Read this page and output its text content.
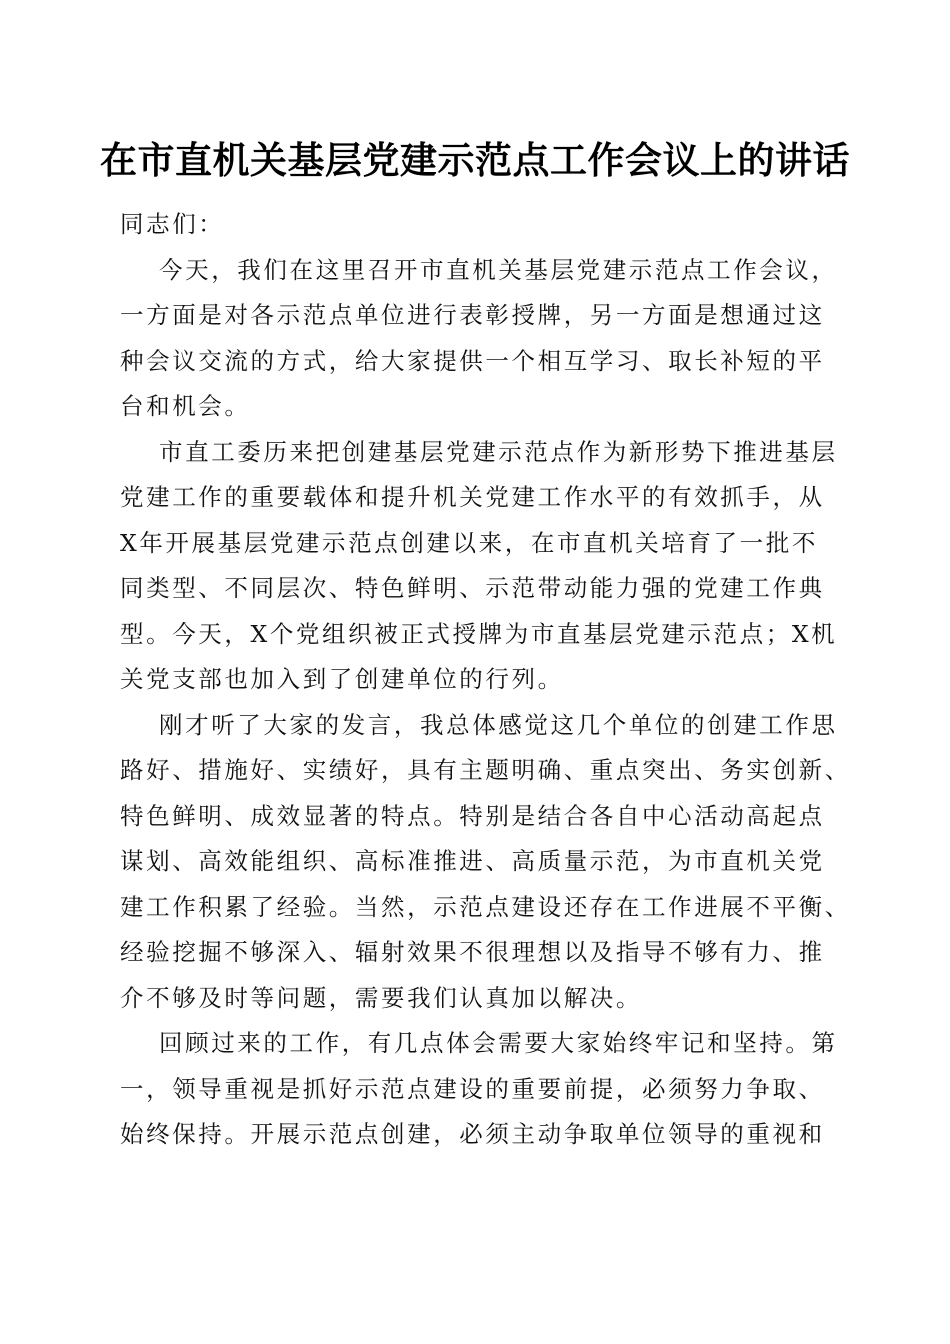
在市直机关基层党建示范点工作会议上的讲话
同志们：
今天，我们在这里召开市直机关基层党建示范点工作会议，
一方面是对各示范点单位进行表彰授牌，另一方面是想通过这
种会议交流的方式，给大家提供一个相互学习、取长补短的平
台和机会。
市直工委历来把创建基层党建示范点作为新形势下推进基层
党建工作的重要载体和提升机关党建工作水平的有效抓手，从
X年开展基层党建示范点创建以来，在市直机关培育了一批不
同类型、不同层次、特色鲜明、示范带动能力强的党建工作典
型。今天，X个党组织被正式授牌为市直基层党建示范点；X机
关党支部也加入到了创建单位的行列。
刚才听了大家的发言，我总体感觉这几个单位的创建工作思
路好、措施好、实绩好，具有主题明确、重点突出、务实创新、
特色鲜明、成效显著的特点。特别是结合各自中心活动高起点
谋划、高效能组织、高标准推进、高质量示范，为市直机关党
建工作积累了经验。当然，示范点建设还存在工作进展不平衡、
经验挖掘不够深入、辐射效果不很理想以及指导不够有力、推
介不够及时等问题，需要我们认真加以解决。
回顾过来的工作，有几点体会需要大家始终牢记和坚持。第
一，领导重视是抓好示范点建设的重要前提，必须努力争取、
始终保持。开展示范点创建，必须主动争取单位领导的重视和
